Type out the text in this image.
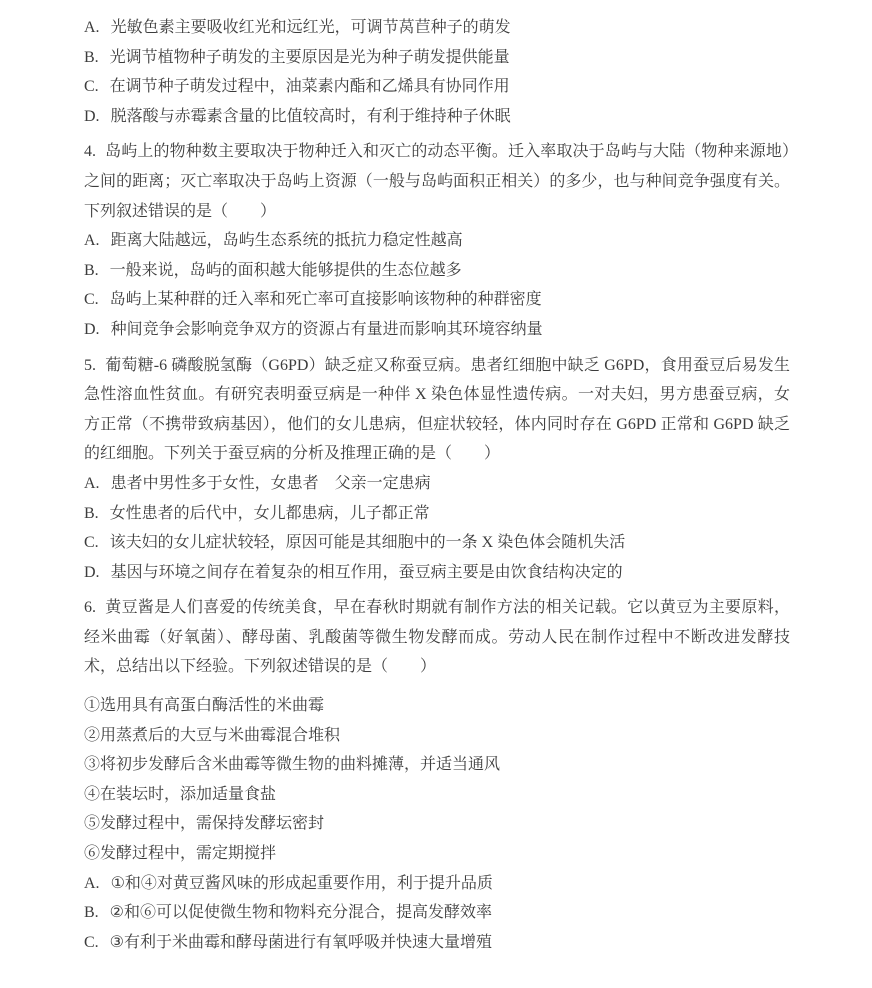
A. 光敏色素主要吸收红光和远红光，可调节莴苣种子的萌发

B. 光调节植物种子萌发的主要原因是光为种子萌发提供能量

C. 在调节种子萌发过程中，油菜素内酯和乙烯具有协同作用

D. 脱落酸与赤霉素含量的比值较高时，有利于维持种子休眠

4. 岛屿上的物种数主要取决于物种迁入和灭亡的动态平衡。迁入率取决于岛屿与大陆（物种来源地）之间的距离；灭亡率取决于岛屿上资源（一般与岛屿面积正相关）的多少，也与种间竞争强度有关。下列叙述错误的是（　　）

A. 距离大陆越远，岛屿生态系统的抵抗力稳定性越高

B. 一般来说，岛屿的面积越大能够提供的生态位越多

C. 岛屿上某种群的迁入率和死亡率可直接影响该物种的种群密度

D. 种间竞争会影响竞争双方的资源占有量进而影响其环境容纳量

5. 葡萄糖-6 磷酸脱氢酶（G6PD）缺乏症又称蚕豆病。患者红细胞中缺乏 G6PD，食用蚕豆后易发生急性溶血性贫血。有研究表明蚕豆病是一种伴 X 染色体显性遗传病。一对夫妇，男方患蚕豆病，女方正常（不携带致病基因），他们的女儿患病，但症状较轻，体内同时存在 G6PD 正常和 G6PD 缺乏的红细胞。下列关于蚕豆病的分析及推理正确的是（　　）

A. 患者中男性多于女性，女患者　父亲一定患病

B. 女性患者的后代中，女儿都患病，儿子都正常

C. 该夫妇的女儿症状较轻，原因可能是其细胞中的一条 X 染色体会随机失活

D. 基因与环境之间存在着复杂的相互作用，蚕豆病主要是由饮食结构决定的

6. 黄豆酱是人们喜爱的传统美食，早在春秋时期就有制作方法的相关记载。它以黄豆为主要原料，经米曲霉（好氧菌）、酵母菌、乳酸菌等微生物发酵而成。劳动人民在制作过程中不断改进发酵技术，总结出以下经验。下列叙述错误的是（　　）

①选用具有高蛋白酶活性的米曲霉

②用蒸煮后的大豆与米曲霉混合堆积

③将初步发酵后含米曲霉等微生物的曲料摊薄，并适当通风

④在装坛时，添加适量食盐

⑤发酵过程中，需保持发酵坛密封

⑥发酵过程中，需定期搅拌

A. ①和④对黄豆酱风味的形成起重要作用，利于提升品质

B. ②和⑥可以促使微生物和物料充分混合，提高发酵效率

C. ③有利于米曲霉和酵母菌进行有氧呼吸并快速大量增殖
